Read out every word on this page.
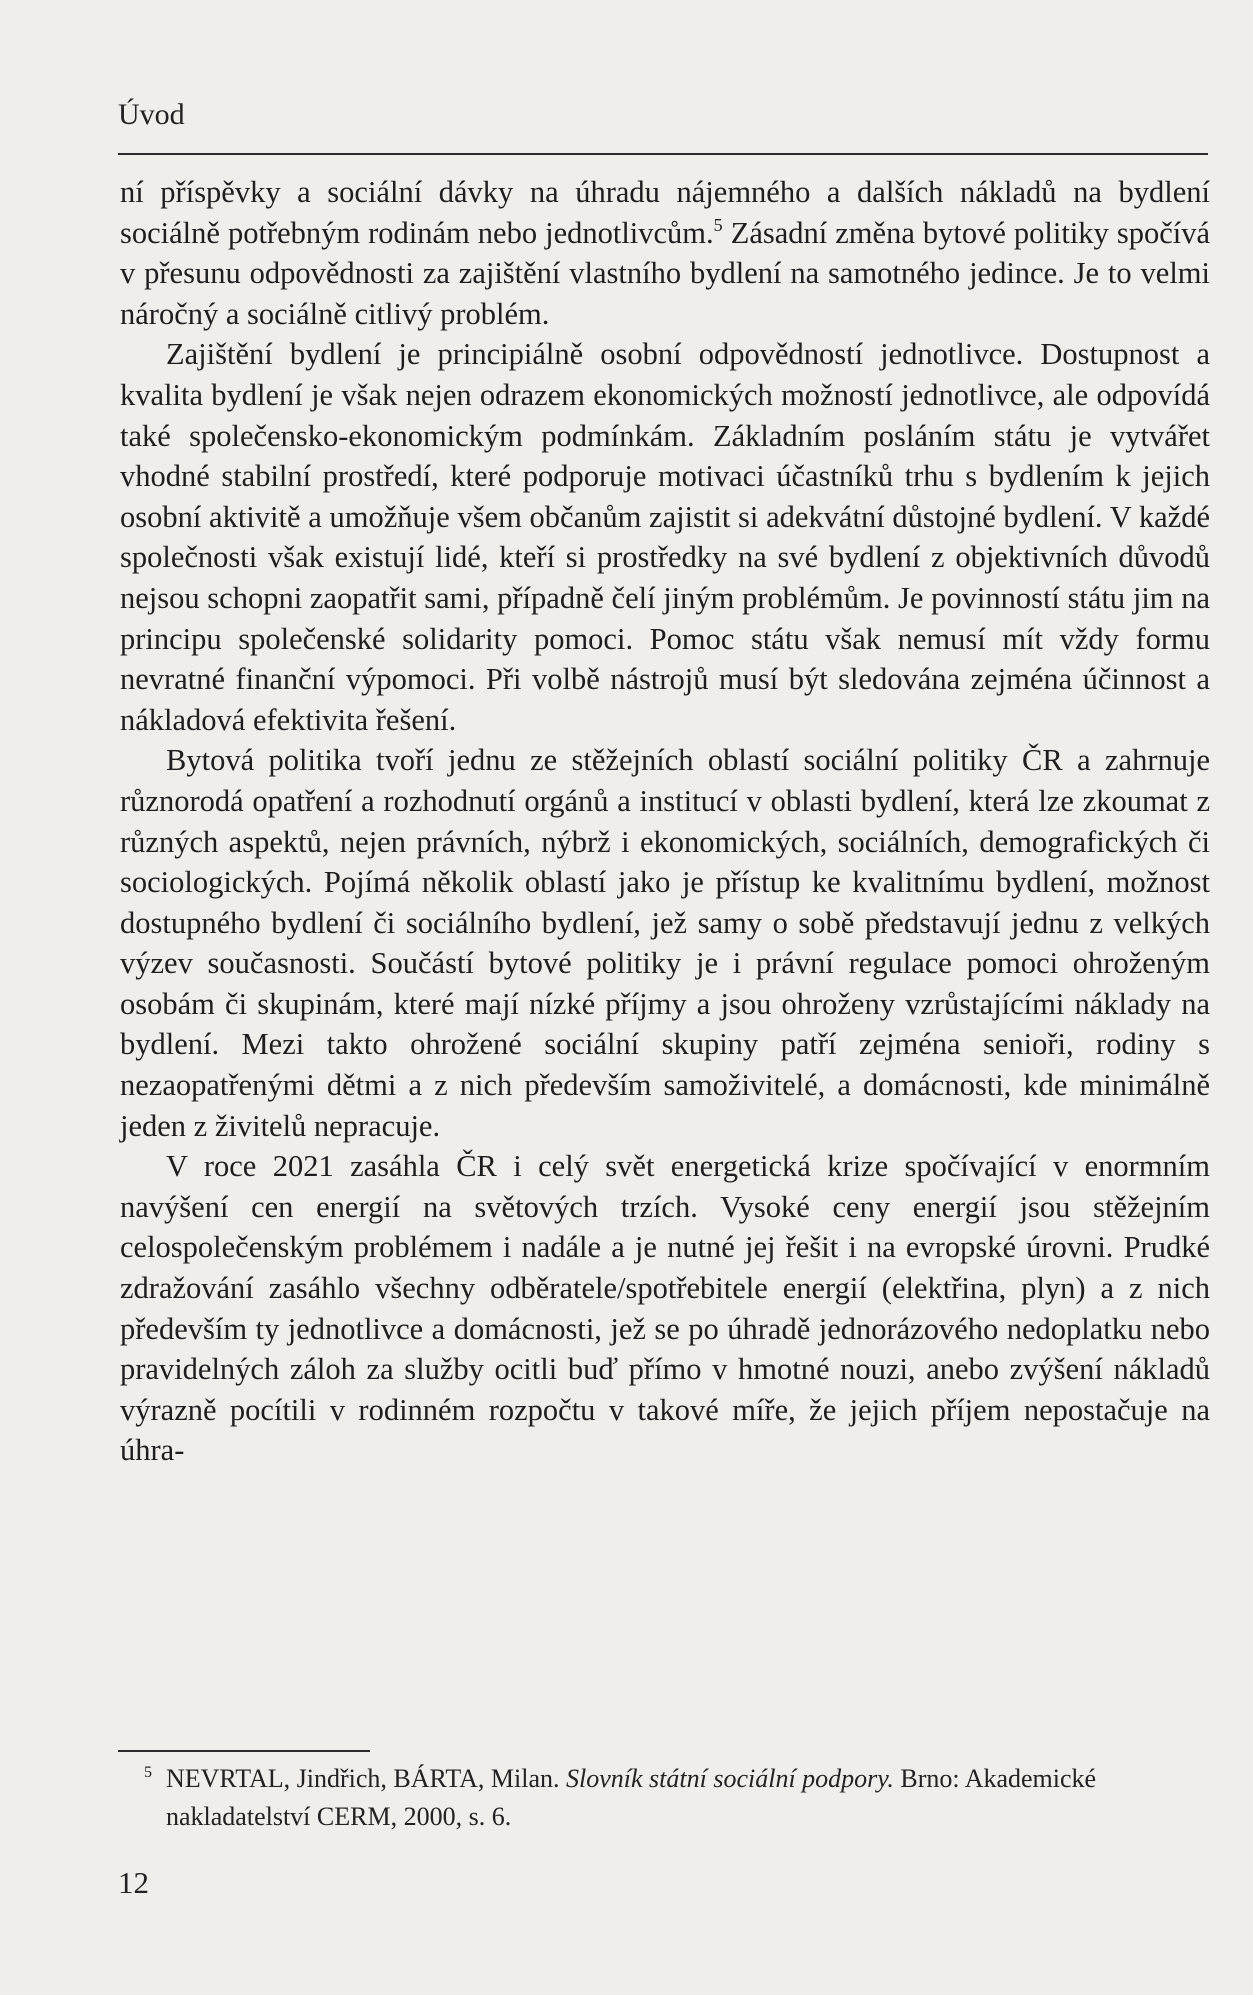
Úvod

ní příspěvky a sociální dávky na úhradu nájemného a dalších nákladů na bydlení sociálně potřebným rodinám nebo jednotlivcům.$^5$ Zásadní změna bytové politiky spočívá v přesunu odpovědnosti za zajištění vlastního bydlení na samotného jedince. Je to velmi náročný a sociálně citlivý problém.

Zajištění bydlení je principiálně osobní odpovědností jednotlivce. Dostupnost a kvalita bydlení je však nejen odrazem ekonomických možností jednotlivce, ale odpovídá také společensko-ekonomickým podmínkám. Základním posláním státu je vytvářet vhodné stabilní prostředí, které podporuje motivaci účastníků trhu s bydlením k jejich osobní aktivitě a umožňuje všem občanům zajistit si adekvátní důstojné bydlení. V každé společnosti však existují lidé, kteří si prostředky na své bydlení z objektivních důvodů nejsou schopni zaopatřit sami, případně čelí jiným problémům. Je povinností státu jim na principu společenské solidarity pomoci. Pomoc státu však nemusí mít vždy formu nevratné finanční výpomoci. Při volbě nástrojů musí být sledována zejména účinnost a nákladová efektivita řešení.

Bytová politika tvoří jednu ze stěžejních oblastí sociální politiky ČR a zahrnuje různorodá opatření a rozhodnutí orgánů a institucí v oblasti bydlení, která lze zkoumat z různých aspektů, nejen právních, nýbrž i ekonomických, sociálních, demografických či sociologických. Pojímá několik oblastí jako je přístup ke kvalitnímu bydlení, možnost dostupného bydlení či sociálního bydlení, jež samy o sobě představují jednu z velkých výzev současnosti. Součástí bytové politiky je i právní regulace pomoci ohroženým osobám či skupinám, které mají nízké příjmy a jsou ohroženy vzrůstajícími náklady na bydlení. Mezi takto ohrožené sociální skupiny patří zejména senioři, rodiny s nezaopatřenými dětmi a z nich především samoživitelé, a domácnosti, kde minimálně jeden z živitelů nepracuje.

V roce 2021 zasáhla ČR i celý svět energetická krize spočívající v enormním navýšení cen energií na světových trzích. Vysoké ceny energií jsou stěžejním celospolečenským problémem i nadále a je nutné jej řešit i na evropské úrovni. Prudké zdražování zasáhlo všechny odběratele/spotřebitele energií (elektřina, plyn) a z nich především ty jednotlivce a domácnosti, jež se po úhradě jednorázového nedoplatku nebo pravidelných záloh za služby ocitli buď přímo v hmotné nouzi, anebo zvýšení nákladů výrazně pocítili v rodinném rozpočtu v takové míře, že jejich příjem nepostačuje na úhra-

5 NEVRTAL, Jindřich, BÁRTA, Milan. Slovník státní sociální podpory. Brno: Akademické nakladatelství CERM, 2000, s. 6.
12
